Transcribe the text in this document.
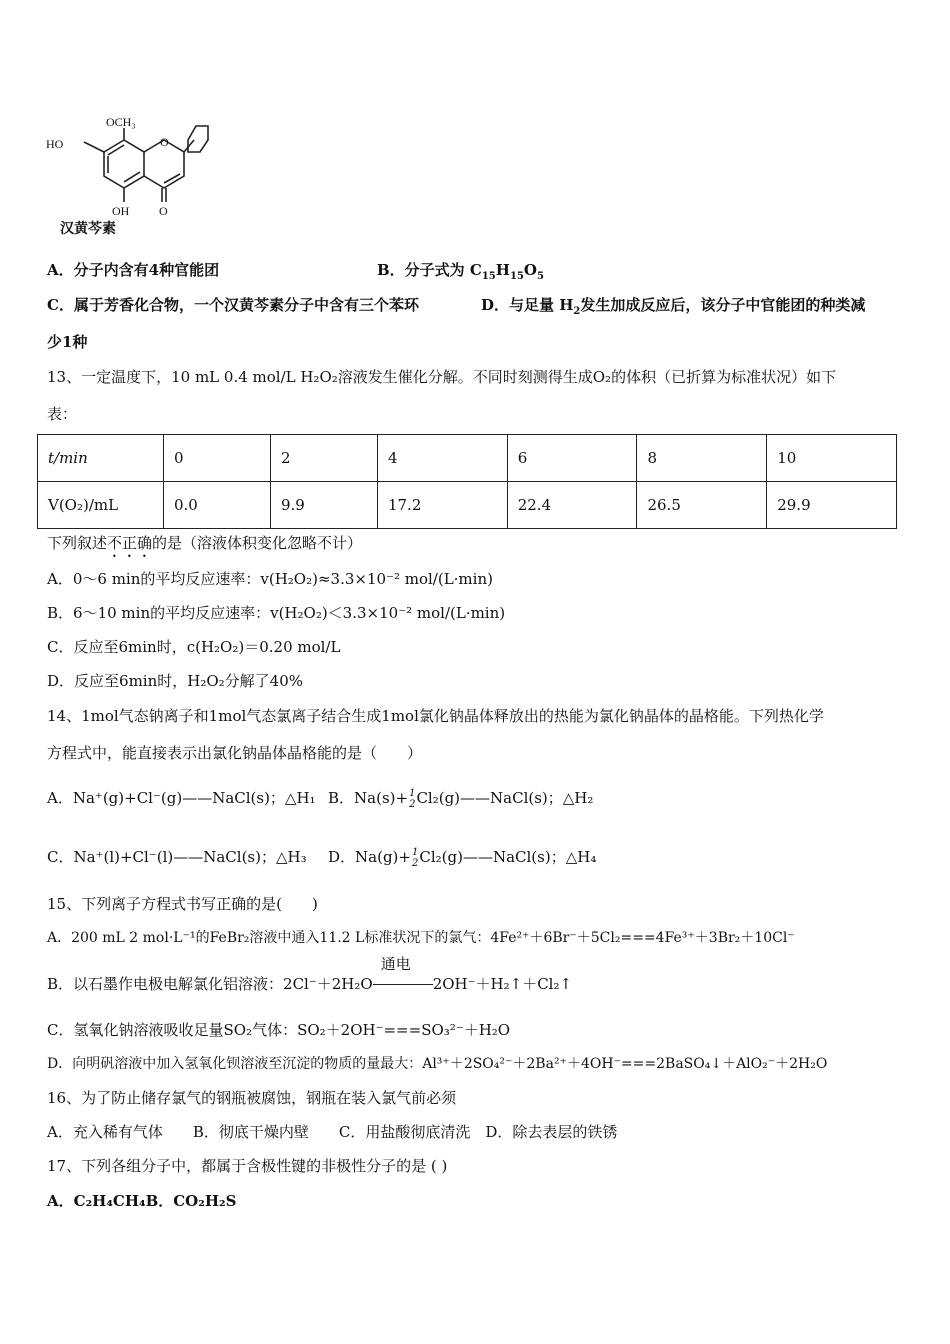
OCH₃
HO
OH
O
O
汉黄芩素
A．分子内含有4种官能团	B．分子式为 $C_{15}H_{15}O_5$
C．属于芳香化合物，一个汉黄芩素分子中含有三个苯环	D．与足量 $H_2$发生加成反应后，该分子中官能团的种类减
少1种
13、一定温度下，10 mL 0.4 mol/L H₂O₂溶液发生催化分解。不同时刻测得生成O₂的体积（已折算为标准状况）如下
表：
t/min	0	2	4	6	8	10
V(O₂)/mL	0.0	9.9	17.2	22.4	26.5	29.9
下列叙述不正确的是（溶液体积变化忽略不计）
A．0～6 min的平均反应速率：v(H₂O₂)≈3.3×10⁻² mol/(L·min)
B．6～10 min的平均反应速率：v(H₂O₂)＜3.3×10⁻² mol/(L·min)
C．反应至6min时，c(H₂O₂)＝0.20 mol/L
D．反应至6min时，H₂O₂分解了40%
14、1mol气态钠离子和1mol气态氯离子结合生成1mol氯化钠晶体释放出的热能为氯化钠晶体的晶格能。下列热化学
方程式中，能直接表示出氯化钠晶体晶格能的是（　　）
A．Na⁺(g)+Cl⁻(g)——NaCl(s)；△H₁ B．Na(s)+ 1
2 Cl₂(g)——NaCl(s)；△H₂
C．Na⁺(l)+Cl⁻(l)——NaCl(s)；△H₃ D．Na(g)+ 1
2 Cl₂(g)——NaCl(s)；△H₄
15、下列离子方程式书写正确的是(　　)
A．200 mL 2 mol·L⁻¹的FeBr₂溶液中通入11.2 L标准状况下的氯气：4Fe²⁺＋6Br⁻＋5Cl₂===4Fe³⁺＋3Br₂＋10Cl⁻
B．以石墨作电极电解氯化铝溶液：2Cl⁻＋2H₂O
通电
2OH⁻＋H₂↑＋Cl₂↑
C．氢氧化钠溶液吸收足量SO₂气体：SO₂＋2OH⁻===SO₃²⁻＋H₂O
D．向明矾溶液中加入氢氧化钡溶液至沉淀的物质的量最大：Al³⁺＋2SO₄²⁻＋2Ba²⁺＋4OH⁻===2BaSO₄↓＋AlO₂⁻＋2H₂O
16、为了防止储存氯气的钢瓶被腐蚀，钢瓶在装入氯气前必须
A．充入稀有气体　　B．彻底干燥内壁　　C．用盐酸彻底清洗　D．除去表层的铁锈
17、下列各组分子中，都属于含极性键的非极性分子的是 ( )
A．C₂H₄CH₄B．CO₂H₂S
